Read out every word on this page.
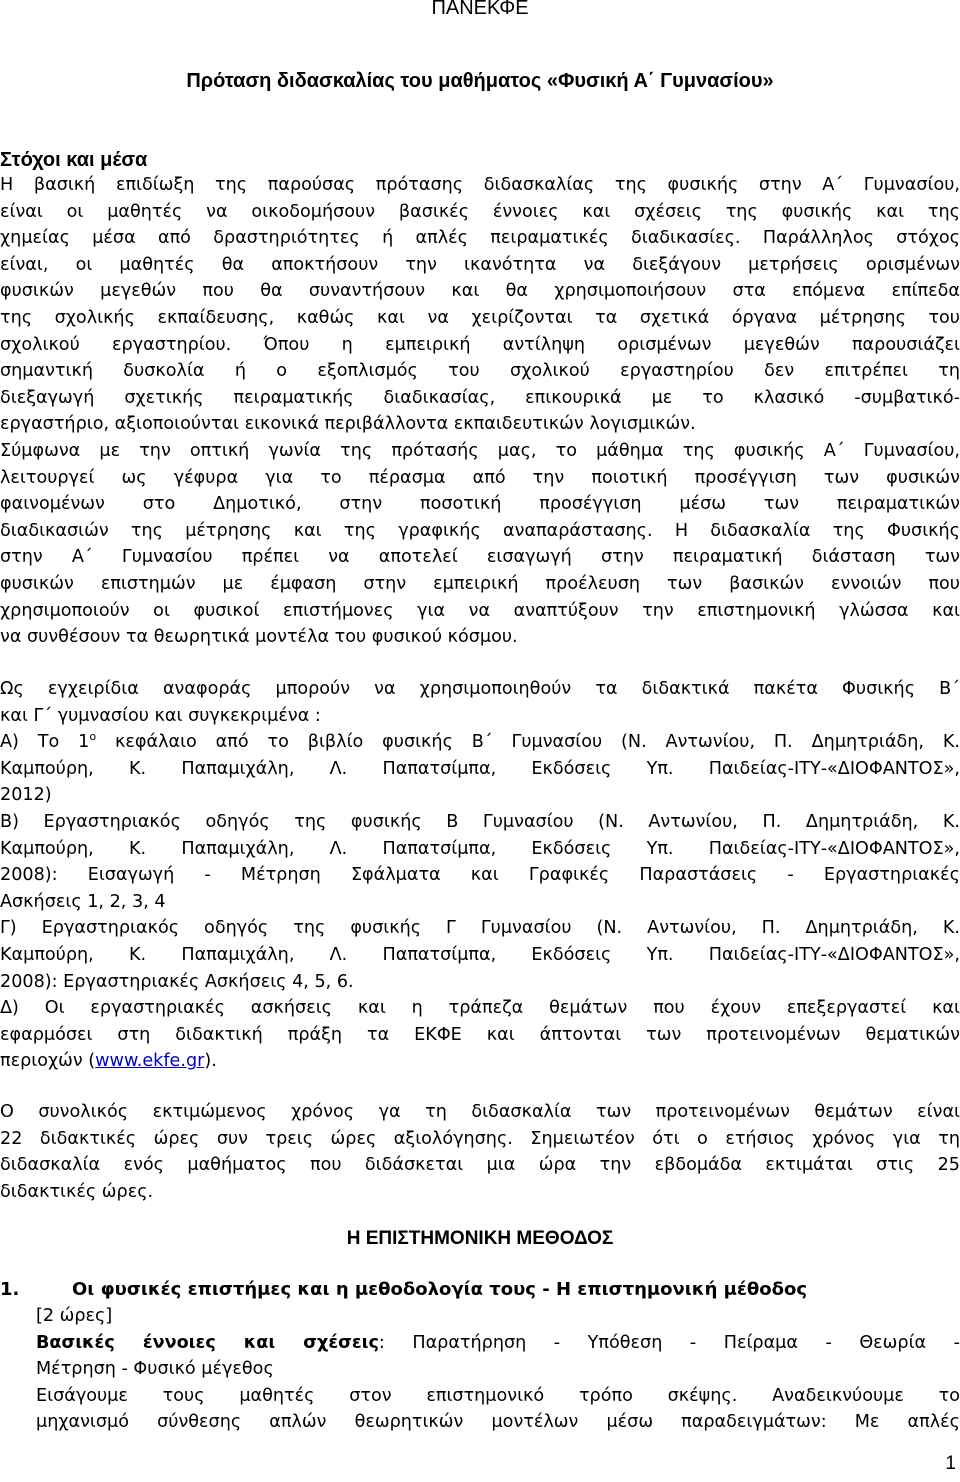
ΠΑΝΕΚΦΕ
Πρόταση διδασκαλίας του μαθήματος «Φυσική Α΄ Γυμνασίου»
Στόχοι και μέσα
Η βασική επιδίωξη της παρούσας πρότασης διδασκαλίας της φυσικής στην Α΄ Γυμνασίου,
είναι οι μαθητές να οικοδομήσουν βασικές έννοιες και σχέσεις της φυσικής και της
χημείας μέσα από δραστηριότητες ή απλές πειραματικές διαδικασίες. Παράλληλος στόχος
είναι, οι μαθητές θα αποκτήσουν την ικανότητα να διεξάγουν μετρήσεις ορισμένων
φυσικών μεγεθών που θα συναντήσουν και θα χρησιμοποιήσουν στα επόμενα επίπεδα
της σχολικής εκπαίδευσης, καθώς και να χειρίζονται τα σχετικά όργανα μέτρησης του
σχολικού εργαστηρίου. Όπου η εμπειρική αντίληψη ορισμένων μεγεθών παρουσιάζει
σημαντική δυσκολία ή ο εξοπλισμός του σχολικού εργαστηρίου δεν επιτρέπει τη
διεξαγωγή σχετικής πειραματικής διαδικασίας, επικουρικά με το κλασικό -συμβατικό-
εργαστήριο, αξιοποιούνται εικονικά περιβάλλοντα εκπαιδευτικών λογισμικών.
Σύμφωνα με την οπτική γωνία της πρότασής μας, το μάθημα της φυσικής Α΄ Γυμνασίου,
λειτουργεί ως γέφυρα για το πέρασμα από την ποιοτική προσέγγιση των φυσικών
φαινομένων στο Δημοτικό, στην ποσοτική προσέγγιση μέσω των πειραματικών
διαδικασιών της μέτρησης και της γραφικής αναπαράστασης. Η διδασκαλία της Φυσικής
στην Α΄ Γυμνασίου πρέπει να αποτελεί εισαγωγή στην πειραματική διάσταση των
φυσικών επιστημών με έμφαση στην εμπειρική προέλευση των βασικών εννοιών που
χρησιμοποιούν οι φυσικοί επιστήμονες για να αναπτύξουν την επιστημονική γλώσσα και
να συνθέσουν τα θεωρητικά μοντέλα του φυσικού κόσμου.
Ως εγχειρίδια αναφοράς μπορούν να χρησιμοποιηθούν τα διδακτικά πακέτα Φυσικής Β΄
και Γ΄ γυμνασίου και συγκεκριμένα :
Α) Το $1^o$ κεφάλαιο από το βιβλίο φυσικής Β΄ Γυμνασίου (Ν. Αντωνίου, Π. Δημητριάδη, Κ.
Καμπούρη, Κ. Παπαμιχάλη, Λ. Παπατσίμπα, Εκδόσεις Υπ. Παιδείας-ΙΤΥ-«ΔΙΟΦΑΝΤΟΣ»,
2012)
Β) Εργαστηριακός οδηγός της φυσικής Β Γυμνασίου (Ν. Αντωνίου, Π. Δημητριάδη, Κ.
Καμπούρη, Κ. Παπαμιχάλη, Λ. Παπατσίμπα, Εκδόσεις Υπ. Παιδείας-ΙΤΥ-«ΔΙΟΦΑΝΤΟΣ»,
2008): Εισαγωγή - Μέτρηση Σφάλματα και Γραφικές Παραστάσεις - Εργαστηριακές
Ασκήσεις 1, 2, 3, 4
Γ) Εργαστηριακός οδηγός της φυσικής Γ Γυμνασίου (Ν. Αντωνίου, Π. Δημητριάδη, Κ.
Καμπούρη, Κ. Παπαμιχάλη, Λ. Παπατσίμπα, Εκδόσεις Υπ. Παιδείας-ΙΤΥ-«ΔΙΟΦΑΝΤΟΣ»,
2008): Εργαστηριακές Ασκήσεις 4, 5, 6.
Δ) Οι εργαστηριακές ασκήσεις και η τράπεζα θεμάτων που έχουν επεξεργαστεί και
εφαρμόσει στη διδακτική πράξη τα ΕΚΦΕ και άπτονται των προτεινομένων θεματικών
περιοχών (www.ekfe.gr).
Ο συνολικός εκτιμώμενος χρόνος γα τη διδασκαλία των προτεινομένων θεμάτων είναι
22 διδακτικές ώρες συν τρεις ώρες αξιολόγησης. Σημειωτέον ότι ο ετήσιος χρόνος για τη
διδασκαλία ενός μαθήματος που διδάσκεται μια ώρα την εβδομάδα εκτιμάται στις 25
διδακτικές ώρες.
Η ΕΠΙΣΤΗΜΟΝΙΚΗ ΜΕΘΟΔΟΣ
1.	Οι φυσικές επιστήμες και η μεθοδολογία τους - Η επιστημονική μέθοδος
[2 ώρες]
Βασικές έννοιες και σχέσεις: Παρατήρηση - Υπόθεση - Πείραμα - Θεωρία -
Μέτρηση - Φυσικό μέγεθος
Εισάγουμε τους μαθητές στον επιστημονικό τρόπο σκέψης. Αναδεικνύουμε το
μηχανισμό σύνθεσης απλών θεωρητικών μοντέλων μέσω παραδειγμάτων: Με απλές
1
